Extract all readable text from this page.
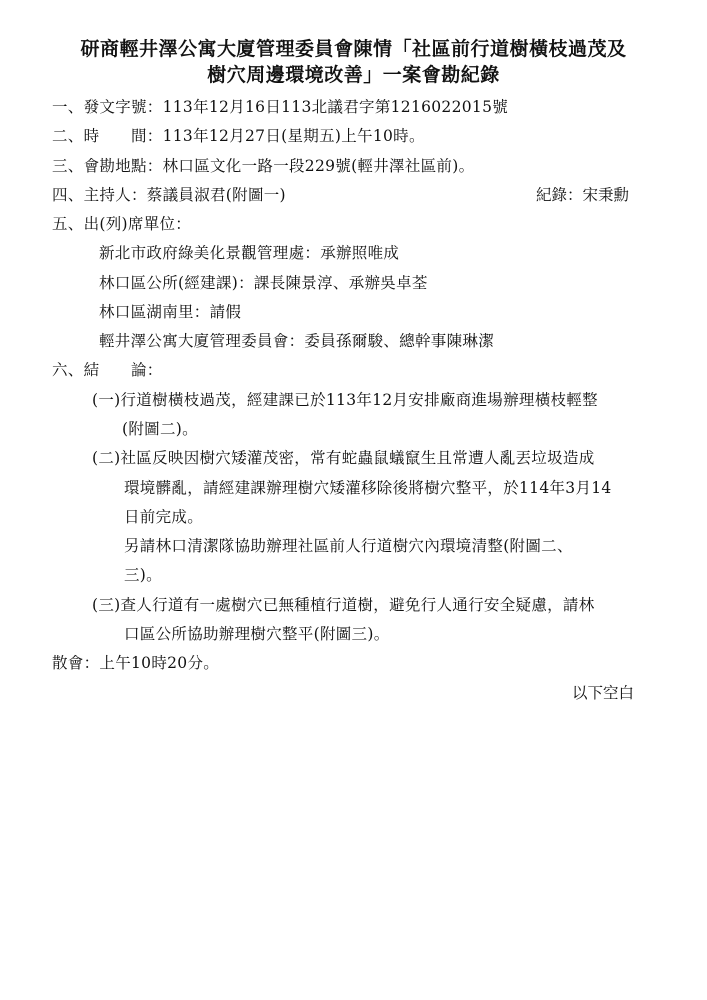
研商輕井澤公寓大廈管理委員會陳情「社區前行道樹橫枝過茂及
樹穴周邊環境改善」一案會勘紀錄
一、發文字號：113年12月16日113北議君字第1216022015號
二、時　　間：113年12月27日(星期五)上午10時。
三、會勘地點：林口區文化一路一段229號(輕井澤社區前)。
四、主持人：蔡議員淑君(附圖一)	紀錄：宋秉勳
五、出(列)席單位：
新北市政府綠美化景觀管理處：承辦照唯成
林口區公所(經建課)：課長陳景淳、承辦吳卓荃
林口區湖南里：請假
輕井澤公寓大廈管理委員會：委員孫爾駿、總幹事陳琳潔
六、結　　論：
(一)行道樹橫枝過茂，經建課已於113年12月安排廠商進場辦理橫枝輕整
(附圖二)。
(二)社區反映因樹穴矮灌茂密，常有蛇蟲鼠蟻竄生且常遭人亂丟垃圾造成
環境髒亂，請經建課辦理樹穴矮灌移除後將樹穴整平，於114年3月14
日前完成。
另請林口清潔隊協助辦理社區前人行道樹穴內環境清整(附圖二、
三)。
(三)查人行道有一處樹穴已無種植行道樹，避免行人通行安全疑慮，請林
口區公所協助辦理樹穴整平(附圖三)。
散會：上午10時20分。
以下空白
